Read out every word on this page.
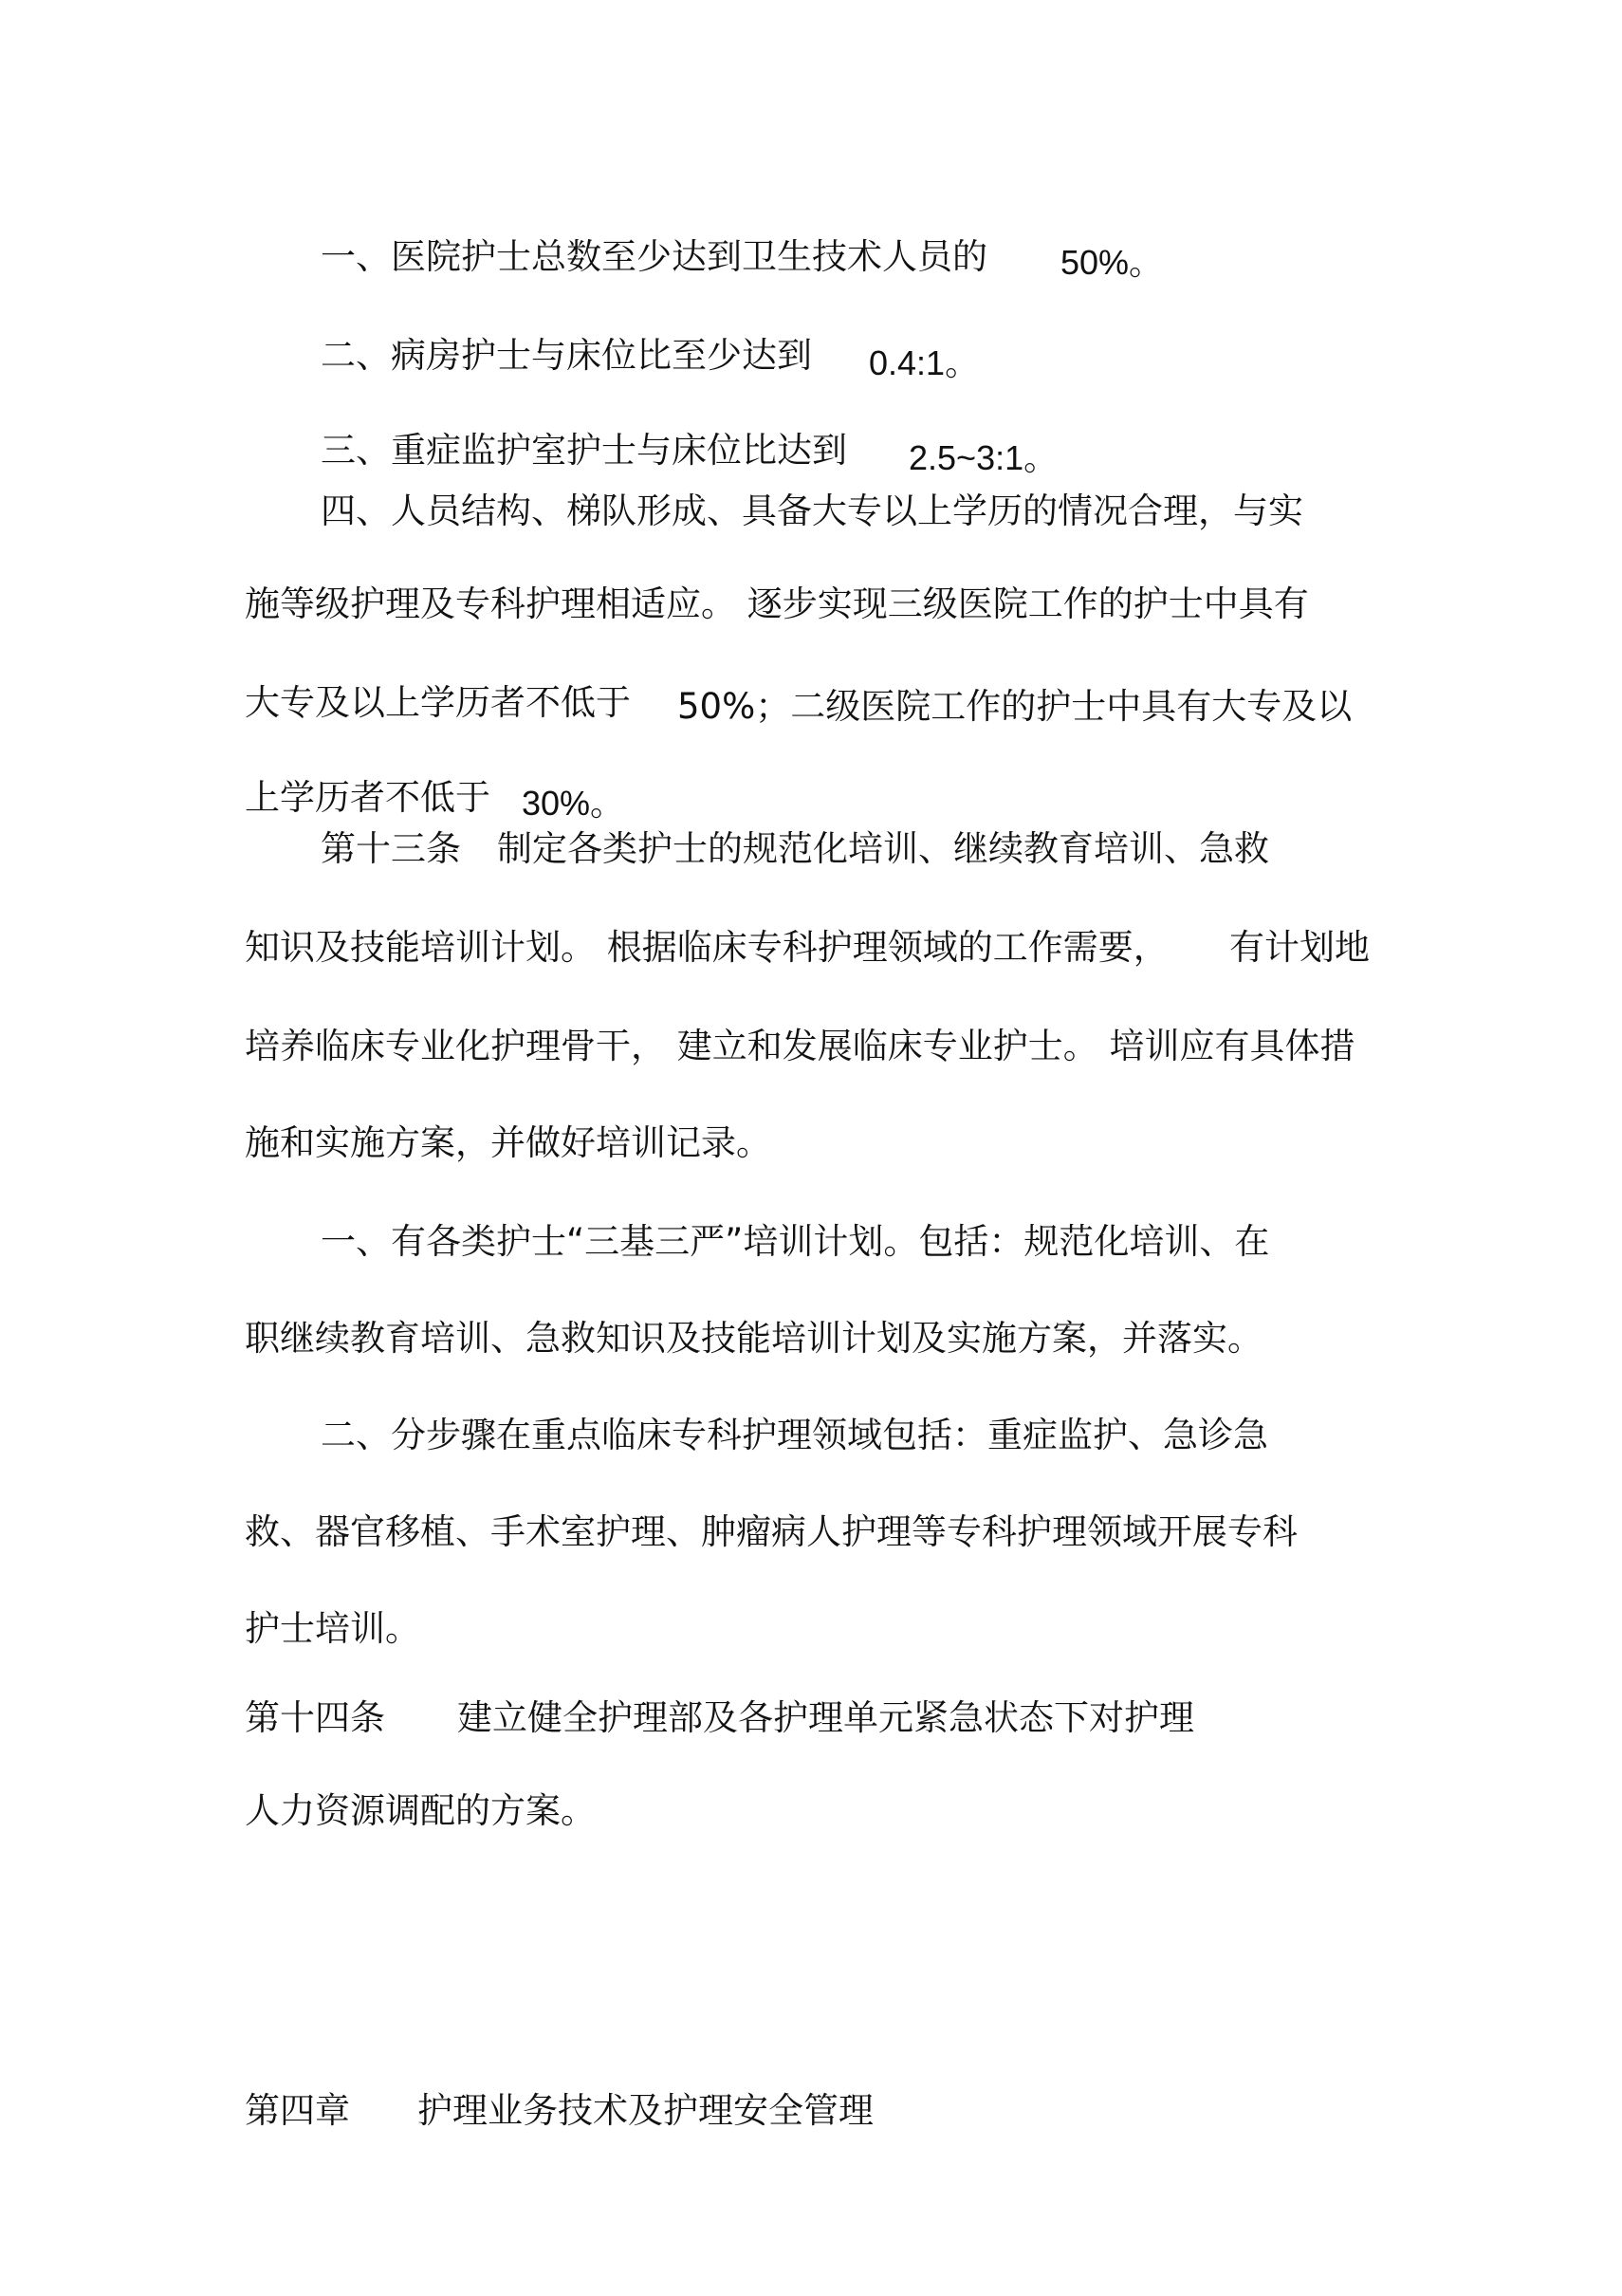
一、医院护士总数至少达到卫生技术人员的 50%。

二、病房护士与床位比至少达到 0.4:1。

三、重症监护室护士与床位比达到 2.5~3:1。

四、人员结构、梯队形成、具备大专以上学历的情况合理，与实

施等级护理及专科护理相适应。 逐步实现三级医院工作的护士中具有

大专及以上学历者不低于 50%；二级医院工作的护士中具有大专及以

上学历者不低于 30%。

第十三条 制定各类护士的规范化培训、继续教育培训、急救

知识及技能培训计划。 根据临床专科护理领域的工作需要， 有计划地

培养临床专业化护理骨干， 建立和发展临床专业护士。 培训应有具体措

施和实施方案，并做好培训记录。

一、有各类护士“三基三严”培训计划。包括：规范化培训、在

职继续教育培训、急救知识及技能培训计划及实施方案，并落实。

二、分步骤在重点临床专科护理领域包括：重症监护、急诊急

救、器官移植、手术室护理、肿瘤病人护理等专科护理领域开展专科

护士培训。

第十四条 建立健全护理部及各护理单元紧急状态下对护理

人力资源调配的方案。

第四章 护理业务技术及护理安全管理
